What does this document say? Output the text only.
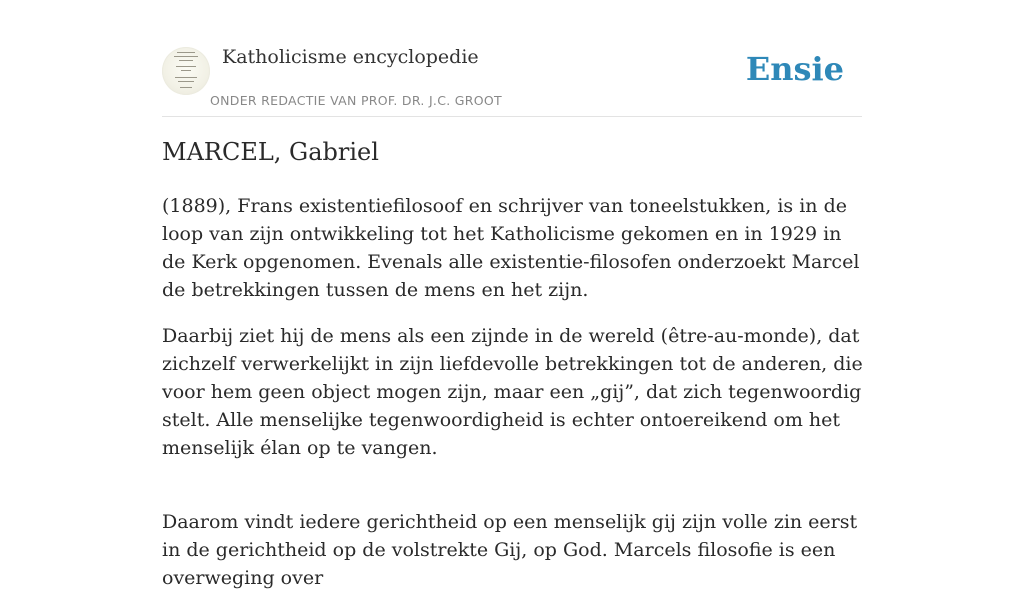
Katholicisme encyclopedie
ONDER REDACTIE VAN PROF. DR. J.C. GROOT
Ensie
MARCEL, Gabriel

(1889), Frans existentiefilosoof en schrijver van toneelstukken, is in de loop van zijn ontwikkeling tot het Katholicisme gekomen en in 1929 in de Kerk opgenomen. Evenals alle existentie-filosofen onderzoekt Marcel de betrekkingen tussen de mens en het zijn.

Daarbij ziet hij de mens als een zijnde in de wereld (être-au-monde), dat zichzelf verwerkelijkt in zijn liefdevolle betrekkingen tot de anderen, die voor hem geen object mogen zijn, maar een „gij”, dat zich tegenwoordig stelt. Alle menselijke tegenwoordigheid is echter ontoereikend om het menselijk élan op te vangen.

Daarom vindt iedere gerichtheid op een menselijk gij zijn volle zin eerst in de gerichtheid op de volstrekte Gij, op God. Marcels filosofie is een overweging over
